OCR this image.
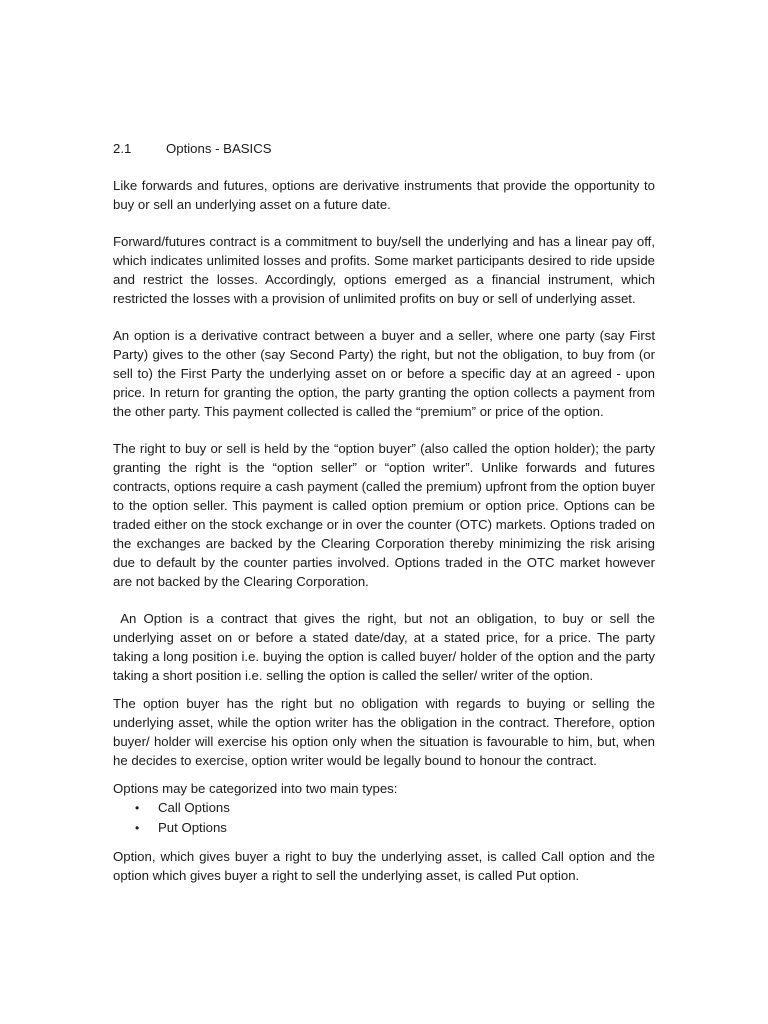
2.1	Options - BASICS

Like forwards and futures, options are derivative instruments that provide the opportunity to buy or sell an underlying asset on a future date.

Forward/futures contract is a commitment to buy/sell the underlying and has a linear pay off, which indicates unlimited losses and profits. Some market participants desired to ride upside and restrict the losses. Accordingly, options emerged as a financial instrument, which restricted the losses with a provision of unlimited profits on buy or sell of underlying asset.

An option is a derivative contract between a buyer and a seller, where one party (say First Party) gives to the other (say Second Party) the right, but not the obligation, to buy from (or sell to) the First Party the underlying asset on or before a specific day at an agreed - upon price. In return for granting the option, the party granting the option collects a payment from the other party. This payment collected is called the “premium” or price of the option.

The right to buy or sell is held by the “option buyer” (also called the option holder); the party granting the right is the “option seller” or “option writer”. Unlike forwards and futures contracts, options require a cash payment (called the premium) upfront from the option buyer to the option seller. This payment is called option premium or option price. Options can be traded either on the stock exchange or in over the counter (OTC) markets. Options traded on the exchanges are backed by the Clearing Corporation thereby minimizing the risk arising due to default by the counter parties involved. Options traded in the OTC market however are not backed by the Clearing Corporation.

An Option is a contract that gives the right, but not an obligation, to buy or sell the underlying asset on or before a stated date/day, at a stated price, for a price. The party taking a long position i.e. buying the option is called buyer/ holder of the option and the party taking a short position i.e. selling the option is called the seller/ writer of the option.

The option buyer has the right but no obligation with regards to buying or selling the underlying asset, while the option writer has the obligation in the contract. Therefore, option buyer/ holder will exercise his option only when the situation is favourable to him, but, when he decides to exercise, option writer would be legally bound to honour the contract.

Options may be categorized into two main types:

•	Call Options
•	Put Options

Option, which gives buyer a right to buy the underlying asset, is called Call option and the option which gives buyer a right to sell the underlying asset, is called Put option.
